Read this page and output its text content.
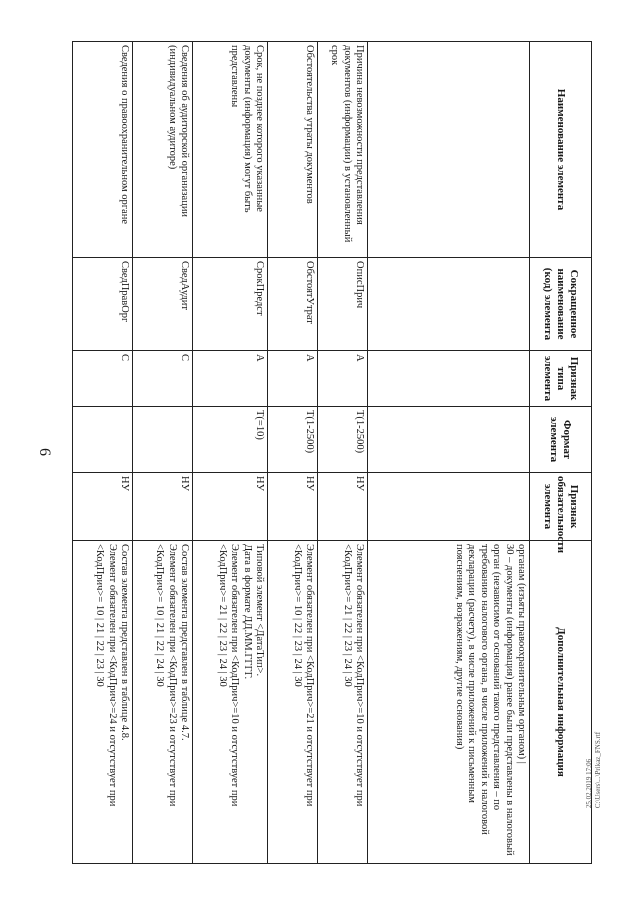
6
25.02.2019 17:06 C:\Users\...\Prikaz_FNS.rtf
Наименование элемента	Сокращенное наименование (код) элемента	Признак типа элемента	Формат элемента	Признак обязательности элемента	Дополнительная информация

					органам (изъяты правоохранительным органом) |
30 – документы (информация) ранее были представлены в налоговый орган (независимо от оснований такого представления – по требованию налогового органа, в числе приложений к налоговой декларации (расчету), в числе приложений к письменным пояснениям, возражениям, другие основания)

Причина невозможности представления документов (информации) в установленный срок	ОписПрич	А	T(1-2500)	НУ	Элемент обязателен при <КодПрич>=10 и отсутствует при
<КодПрич>= 21 | 22 | 23 | 24 | 30

Обстоятельства утраты документов	ОбстоятУтрат	А	T(1-2500)	НУ	Элемент обязателен при <КодПрич>=21 и отсутствует при
<КодПрич>= 10 | 22 | 23 | 24 | 30

Срок, не позднее которого указанные документы (информация) могут быть представлены	СрокПредст	А	T(=10)	НУ	Типовой элемент <ДатаТип>.
Дата в формате ДД.ММ.ГГГГ.
Элемент обязателен при <КодПрич>=10 и отсутствует при
<КодПрич>= 21 | 22 | 23 | 24 | 30

Сведения об аудиторской организации (индивидуальном аудиторе)	СведАудит	С		НУ	Состав элемента представлен в таблице 4.7.
Элемент обязателен при <КодПрич>=23 и отсутствует при
<КодПрич>= 10 | 21 | 22 | 24 | 30

Сведения о правоохранительном органе	СведПравОрг	С		НУ	Состав элемента представлен в таблице 4.8.
Элемент обязателен при <КодПрич>=24 и отсутствует при
<КодПрич>= 10 | 21 | 22 | 23 | 30
